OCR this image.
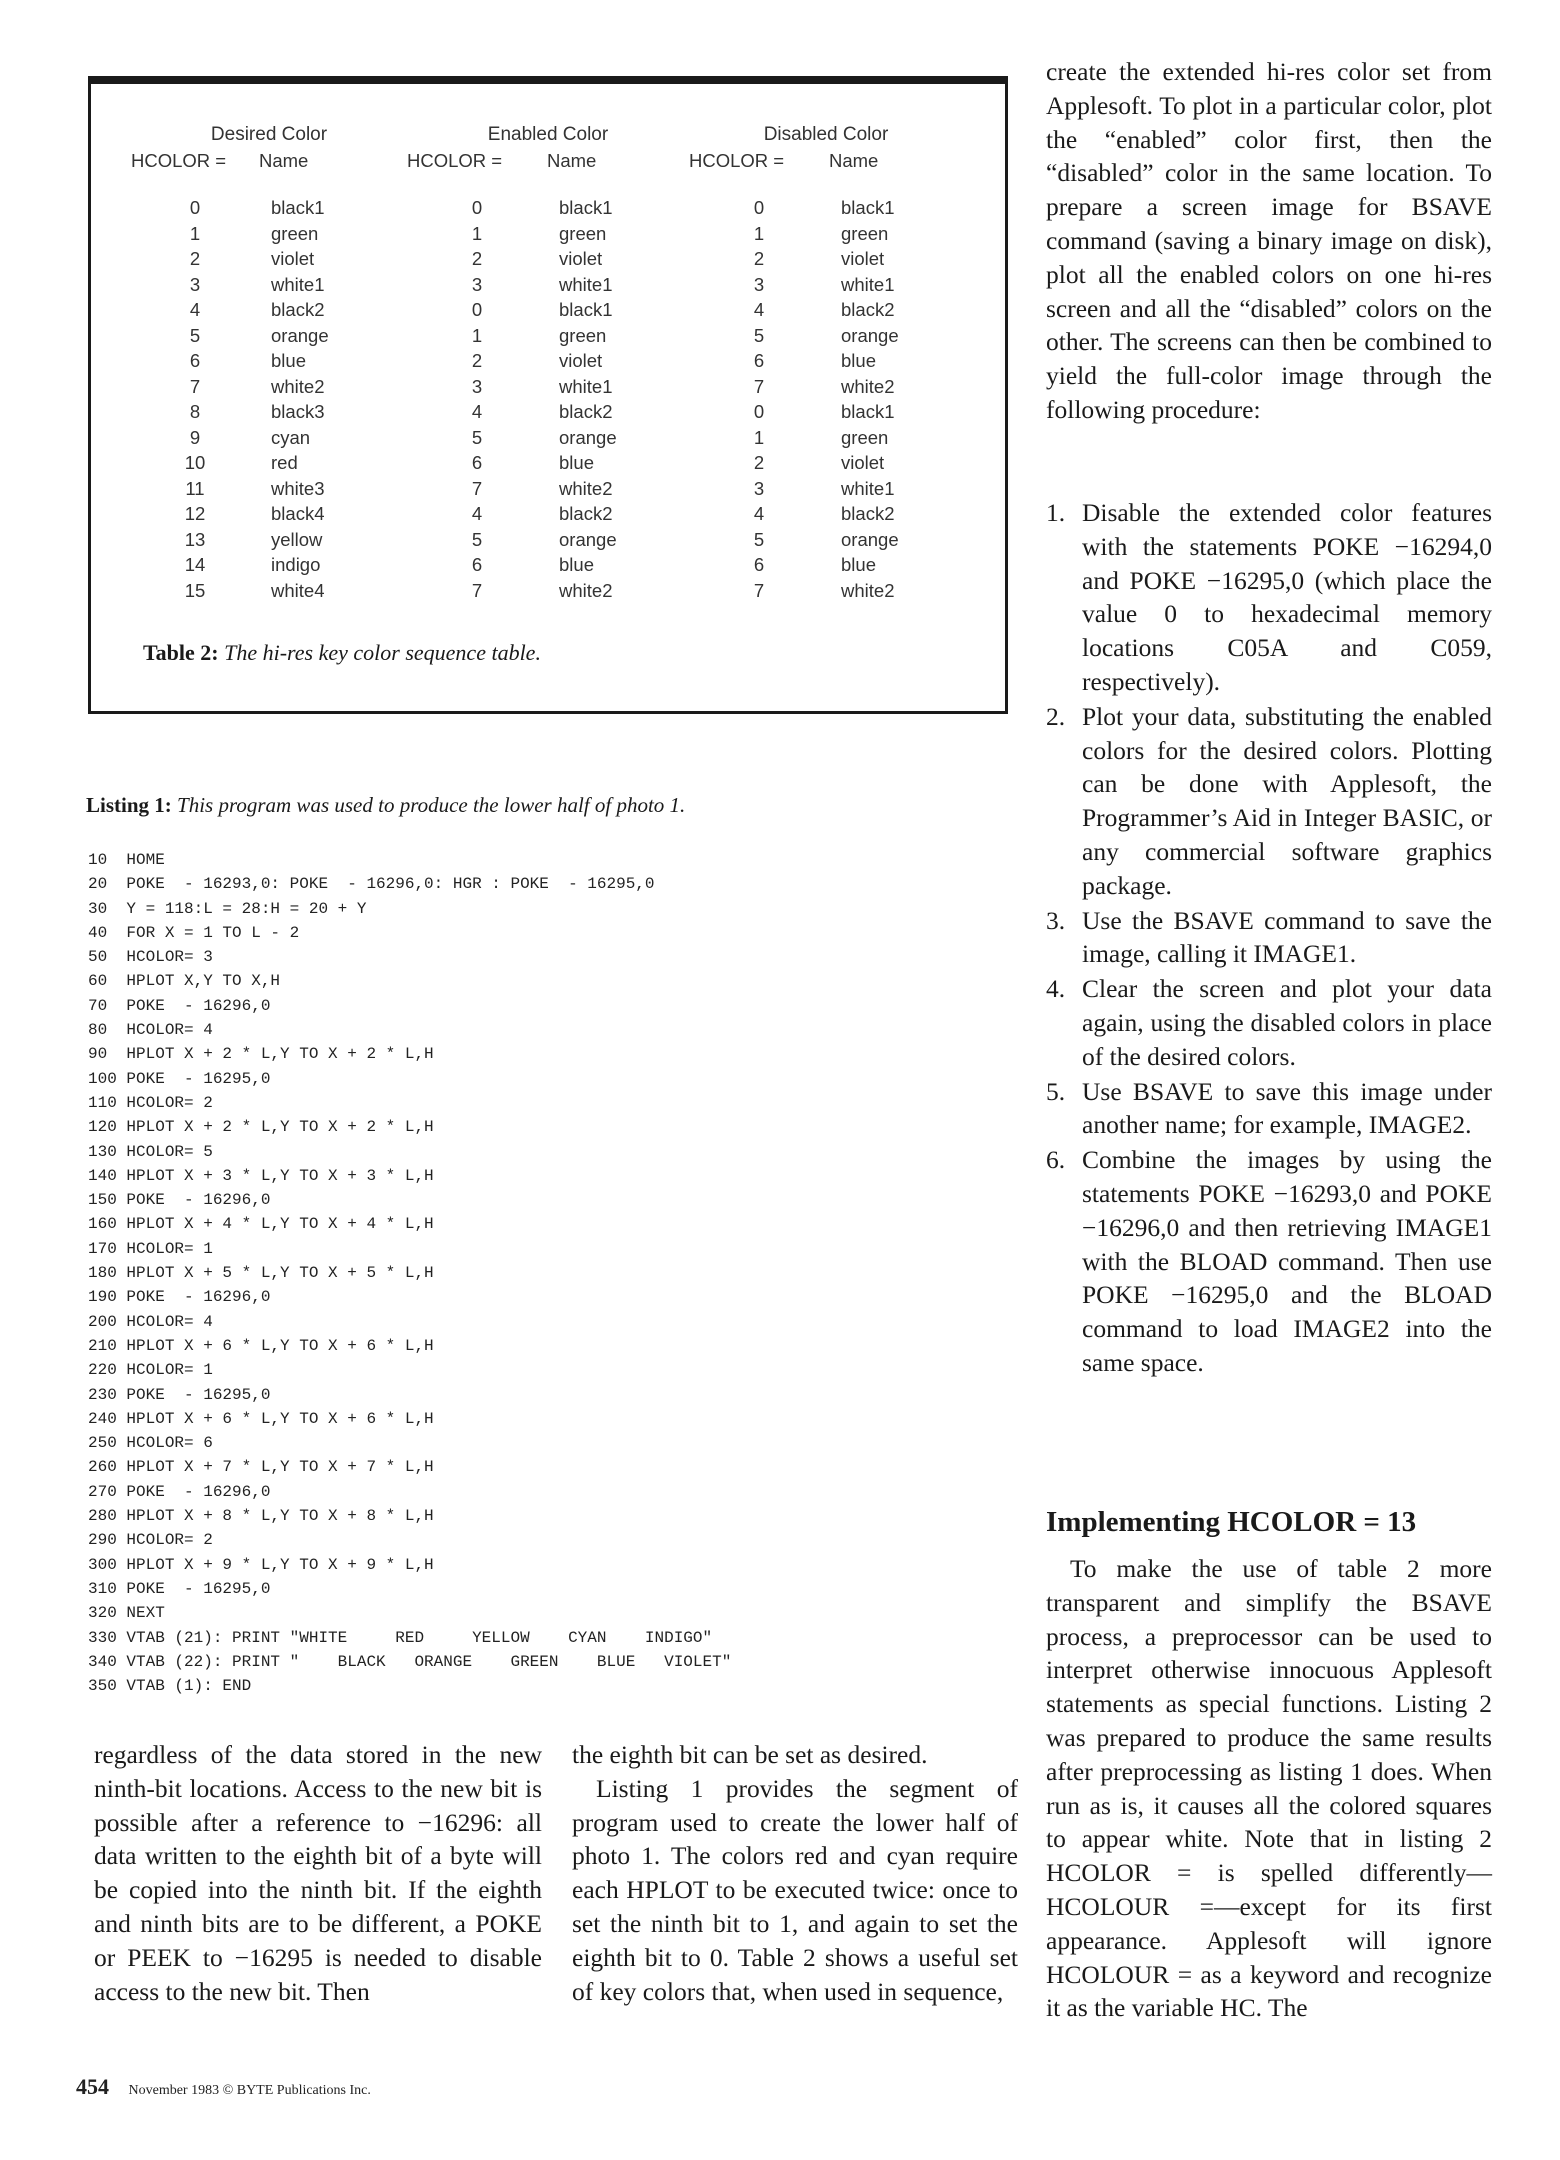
Desired Color		Enabled Color		Disabled Color	
HCOLOR =	Name	HCOLOR =	Name	HCOLOR =	Name

0	black1	0	black1	0	black1
1	green	1	green	1	green
2	violet	2	violet	2	violet
3	white1	3	white1	3	white1
4	black2	0	black1	4	black2
5	orange	1	green	5	orange
6	blue	2	violet	6	blue
7	white2	3	white1	7	white2
8	black3	4	black2	0	black1
9	cyan	5	orange	1	green
10	red	6	blue	2	violet
11	white3	7	white2	3	white1
12	black4	4	black2	4	black2
13	yellow	5	orange	5	orange
14	indigo	6	blue	6	blue
15	white4	7	white2	7	white2
Table 2: The hi-res key color sequence table.
Listing 1: This program was used to produce the lower half of photo 1.
10  HOME
20  POKE  - 16293,0: POKE  - 16296,0: HGR : POKE  - 16295,0
30  Y = 118:L = 28:H = 20 + Y
40  FOR X = 1 TO L - 2
50  HCOLOR= 3
60  HPLOT X,Y TO X,H
70  POKE  - 16296,0
80  HCOLOR= 4
90  HPLOT X + 2 * L,Y TO X + 2 * L,H
100 POKE  - 16295,0
110 HCOLOR= 2
120 HPLOT X + 2 * L,Y TO X + 2 * L,H
130 HCOLOR= 5
140 HPLOT X + 3 * L,Y TO X + 3 * L,H
150 POKE  - 16296,0
160 HPLOT X + 4 * L,Y TO X + 4 * L,H
170 HCOLOR= 1
180 HPLOT X + 5 * L,Y TO X + 5 * L,H
190 POKE  - 16296,0
200 HCOLOR= 4
210 HPLOT X + 6 * L,Y TO X + 6 * L,H
220 HCOLOR= 1
230 POKE  - 16295,0
240 HPLOT X + 6 * L,Y TO X + 6 * L,H
250 HCOLOR= 6
260 HPLOT X + 7 * L,Y TO X + 7 * L,H
270 POKE  - 16296,0
280 HPLOT X + 8 * L,Y TO X + 8 * L,H
290 HCOLOR= 2
300 HPLOT X + 9 * L,Y TO X + 9 * L,H
310 POKE  - 16295,0
320 NEXT
330 VTAB (21): PRINT "WHITE     RED     YELLOW    CYAN    INDIGO"
340 VTAB (22): PRINT "    BLACK   ORANGE    GREEN    BLUE   VIOLET"
350 VTAB (1): END

regardless of the data stored in the new ninth-bit locations. Access to the new bit is possible after a reference to −16296: all data written to the eighth bit of a byte will be copied into the ninth bit. If the eighth and ninth bits are to be different, a POKE or PEEK to −16295 is needed to disable access to the new bit. Then

the eighth bit can be set as desired.

Listing 1 provides the segment of program used to create the lower half of photo 1. The colors red and cyan require each HPLOT to be executed twice: once to set the ninth bit to 1, and again to set the eighth bit to 0. Table 2 shows a useful set of key colors that, when used in sequence,

create the extended hi-res color set from Applesoft. To plot in a particular color, plot the “enabled” color first, then the “disabled” color in the same location. To prepare a screen image for BSAVE command (saving a binary image on disk), plot all the enabled colors on one hi-res screen and all the “disabled” colors on the other. The screens can then be combined to yield the full-color image through the following procedure:

1. Disable the extended color features with the statements POKE −16294,0 and POKE −16295,0 (which place the value 0 to hexadecimal memory locations C05A and C059, respectively).
2. Plot your data, substituting the enabled colors for the desired colors. Plotting can be done with Applesoft, the Programmer’s Aid in Integer BASIC, or any commercial software graphics package.
3. Use the BSAVE command to save the image, calling it IMAGE1.
4. Clear the screen and plot your data again, using the disabled colors in place of the desired colors.
5. Use BSAVE to save this image under another name; for example, IMAGE2.
6. Combine the images by using the statements POKE −16293,0 and POKE −16296,0 and then retrieving IMAGE1 with the BLOAD command. Then use POKE −16295,0 and the BLOAD command to load IMAGE2 into the same space.
Implementing HCOLOR = 13

To make the use of table 2 more transparent and simplify the BSAVE process, a preprocessor can be used to interpret otherwise innocuous Applesoft statements as special functions. Listing 2 was prepared to produce the same results after preprocessing as listing 1 does. When run as is, it causes all the colored squares to appear white. Note that in listing 2 HCOLOR = is spelled differently—HCOLOUR =—except for its first appearance. Applesoft will ignore HCOLOUR = as a keyword and recognize it as the variable HC. The

454 November 1983 © BYTE Publications Inc.
